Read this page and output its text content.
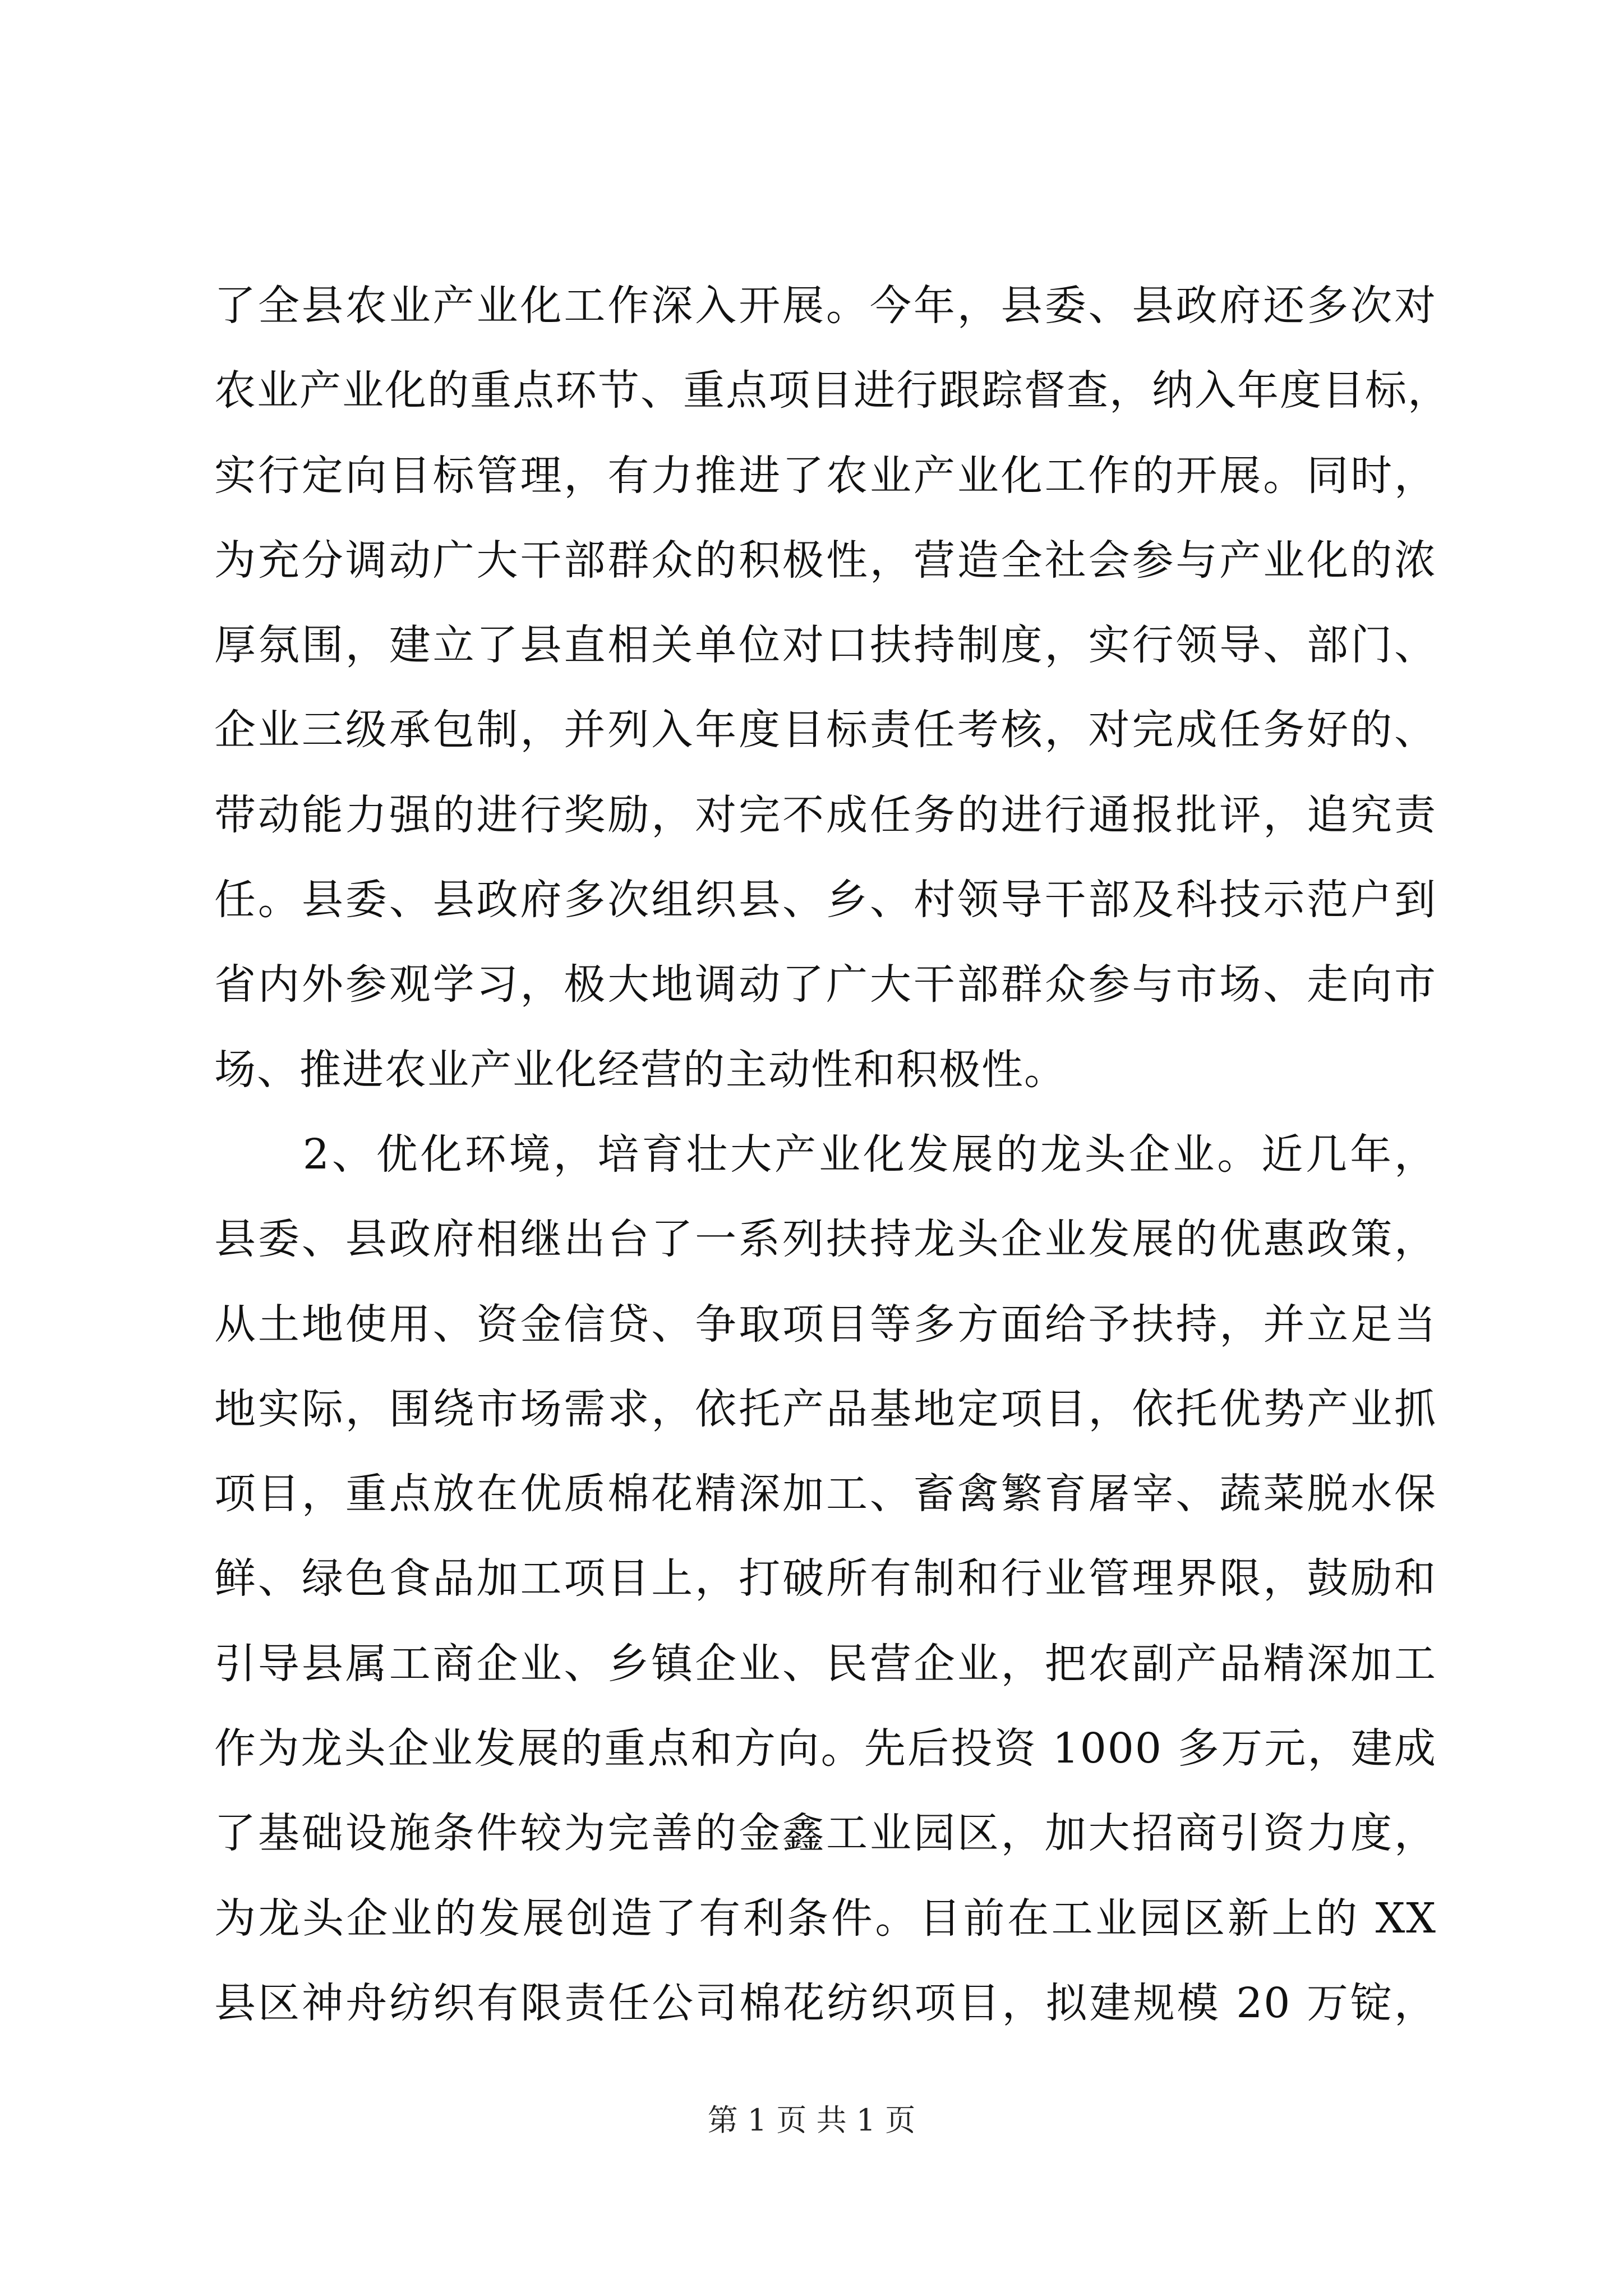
了全县农业产业化工作深入开展。今年，县委、县政府还多次对
农业产业化的重点环节、重点项目进行跟踪督查，纳入年度目标，
实行定向目标管理，有力推进了农业产业化工作的开展。同时，
为充分调动广大干部群众的积极性，营造全社会参与产业化的浓
厚氛围，建立了县直相关单位对口扶持制度，实行领导、部门、
企业三级承包制，并列入年度目标责任考核，对完成任务好的、
带动能力强的进行奖励，对完不成任务的进行通报批评，追究责
任。县委、县政府多次组织县、乡、村领导干部及科技示范户到
省内外参观学习，极大地调动了广大干部群众参与市场、走向市
场、推进农业产业化经营的主动性和积极性。
　　2、优化环境，培育壮大产业化发展的龙头企业。近几年，
县委、县政府相继出台了一系列扶持龙头企业发展的优惠政策，
从土地使用、资金信贷、争取项目等多方面给予扶持，并立足当
地实际，围绕市场需求，依托产品基地定项目，依托优势产业抓
项目，重点放在优质棉花精深加工、畜禽繁育屠宰、蔬菜脱水保
鲜、绿色食品加工项目上，打破所有制和行业管理界限，鼓励和
引导县属工商企业、乡镇企业、民营企业，把农副产品精深加工
作为龙头企业发展的重点和方向。先后投资 1000 多万元，建成
了基础设施条件较为完善的金鑫工业园区，加大招商引资力度，
为龙头企业的发展创造了有利条件。目前在工业园区新上的 XX
县区神舟纺织有限责任公司棉花纺织项目，拟建规模 20 万锭，
第 1 页 共 1 页
